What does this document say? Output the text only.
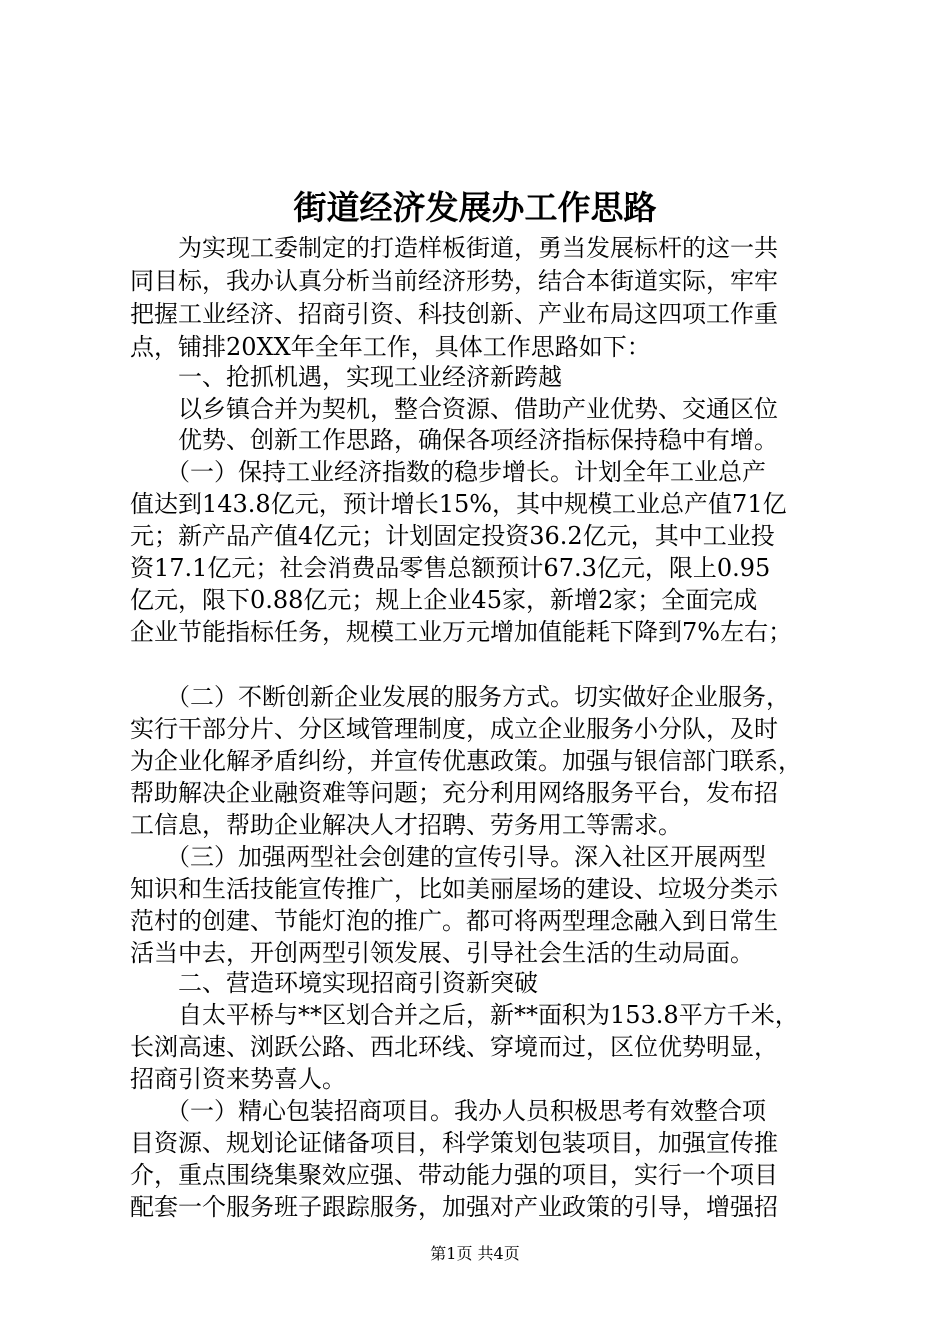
街道经济发展办工作思路
　　为实现工委制定的打造样板街道，勇当发展标杆的这一共
同目标，我办认真分析当前经济形势，结合本街道实际，牢牢
把握工业经济、招商引资、科技创新、产业布局这四项工作重
点，铺排20XX年全年工作，具体工作思路如下：
　　一、抢抓机遇，实现工业经济新跨越
　　以乡镇合并为契机，整合资源、借助产业优势、交通区位
　　优势、创新工作思路，确保各项经济指标保持稳中有增。
　　（一）保持工业经济指数的稳步增长。计划全年工业总产
值达到143.8亿元，预计增长15%，其中规模工业总产值71亿
元；新产品产值4亿元；计划固定投资36.2亿元，其中工业投
资17.1亿元；社会消费品零售总额预计67.3亿元，限上0.95
亿元，限下0.88亿元；规上企业45家，新增2家；全面完成
企业节能指标任务，规模工业万元增加值能耗下降到7%左右；
　　（二）不断创新企业发展的服务方式。切实做好企业服务，
实行干部分片、分区域管理制度，成立企业服务小分队，及时
为企业化解矛盾纠纷，并宣传优惠政策。加强与银信部门联系，
帮助解决企业融资难等问题；充分利用网络服务平台，发布招
工信息，帮助企业解决人才招聘、劳务用工等需求。
　　（三）加强两型社会创建的宣传引导。深入社区开展两型
知识和生活技能宣传推广，比如美丽屋场的建设、垃圾分类示
范村的创建、节能灯泡的推广。都可将两型理念融入到日常生
活当中去，开创两型引领发展、引导社会生活的生动局面。
　　二、营造环境实现招商引资新突破
　　自太平桥与**区划合并之后，新**面积为153.8平方千米，
长浏高速、浏跃公路、西北环线、穿境而过，区位优势明显，
招商引资来势喜人。
　　（一）精心包装招商项目。我办人员积极思考有效整合项
目资源、规划论证储备项目，科学策划包装项目，加强宣传推
介，重点围绕集聚效应强、带动能力强的项目，实行一个项目
配套一个服务班子跟踪服务，加强对产业政策的引导，增强招
第1页 共4页
